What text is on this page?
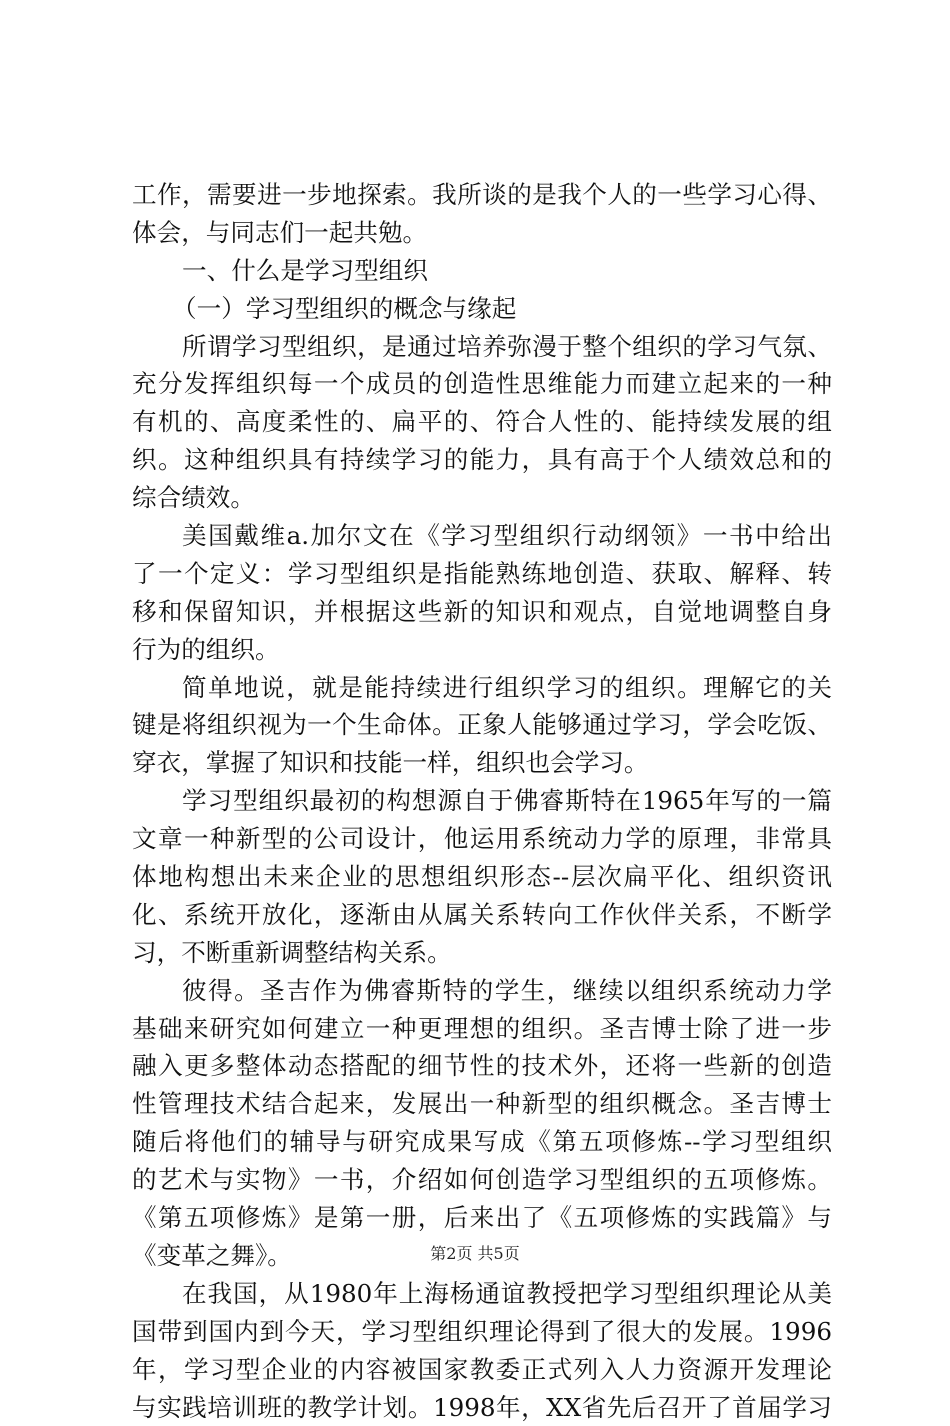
工作，需要进一步地探索。我所谈的是我个人的一些学习心得、
体会，与同志们一起共勉。
一、什么是学习型组织
（一）学习型组织的概念与缘起
所谓学习型组织，是通过培养弥漫于整个组织的学习气氛、
充分发挥组织每一个成员的创造性思维能力而建立起来的一种
有机的、高度柔性的、扁平的、符合人性的、能持续发展的组
织。这种组织具有持续学习的能力，具有高于个人绩效总和的
综合绩效。
美国戴维a.加尔文在《学习型组织行动纲领》一书中给出
了一个定义：学习型组织是指能熟练地创造、获取、解释、转
移和保留知识，并根据这些新的知识和观点，自觉地调整自身
行为的组织。
简单地说，就是能持续进行组织学习的组织。理解它的关
键是将组织视为一个生命体。正象人能够通过学习，学会吃饭、
穿衣，掌握了知识和技能一样，组织也会学习。
学习型组织最初的构想源自于佛睿斯特在1965年写的一篇
文章一种新型的公司设计，他运用系统动力学的原理，非常具
体地构想出未来企业的思想组织形态--层次扁平化、组织资讯
化、系统开放化，逐渐由从属关系转向工作伙伴关系，不断学
习，不断重新调整结构关系。
彼得。圣吉作为佛睿斯特的学生，继续以组织系统动力学
基础来研究如何建立一种更理想的组织。圣吉博士除了进一步
融入更多整体动态搭配的细节性的技术外，还将一些新的创造
性管理技术结合起来，发展出一种新型的组织概念。圣吉博士
随后将他们的辅导与研究成果写成《第五项修炼--学习型组织
的艺术与实物》一书，介绍如何创造学习型组织的五项修炼。
《第五项修炼》是第一册，后来出了《五项修炼的实践篇》与
《变革之舞》。
在我国，从1980年上海杨通谊教授把学习型组织理论从美
国带到国内到今天，学习型组织理论得到了很大的发展。1996
年，学习型企业的内容被国家教委正式列入人力资源开发理论
与实践培训班的教学计划。1998年，XX省先后召开了首届学习
第2页 共5页
